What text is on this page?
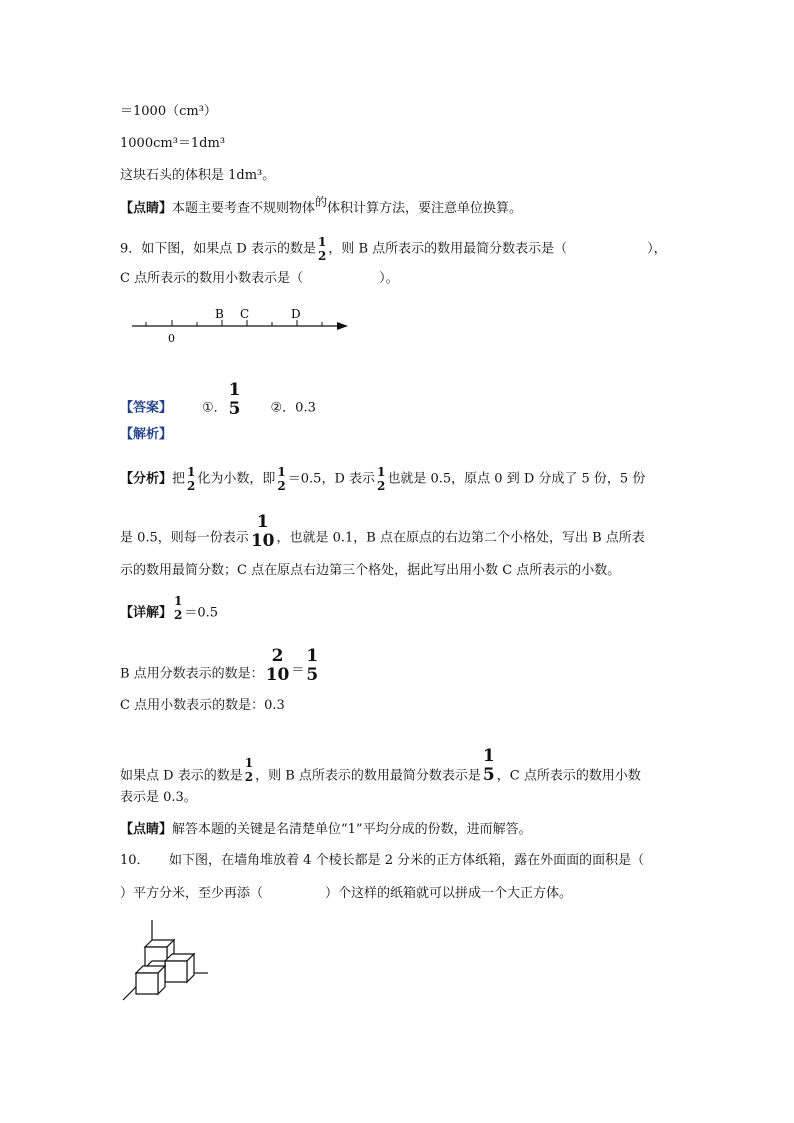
＝1000（cm³）
1000cm³＝1dm³
这块石头的体积是 1dm³。
【点睛】本题主要考查不规则物体的体积计算方法，要注意单位换算。
9．如下图，如果点 D 表示的数是 1
2 ，则 B 点所表示的数用最简分数表示是（	），
C 点所表示的数用小数表示是（	）。
B C	D
0
【答案】 ①．
1
5 ②．0.3
【解析】
【分析】把 1
2 化为小数，即 1
2 ＝0.5，D 表示 1
2 也就是 0.5，原点 0 到 D 分成了 5 份，5 份
是 0.5，则每一份表示
1
10 ，也就是 0.1，B 点在原点的右边第二个小格处，写出 B 点所表
示的数用最简分数；C 点在原点右边第三个格处，据此写出用小数 C 点所表示的小数。
【详解】
1
2 ＝0.5
B 点用分数表示的数是：
2
10 ＝
1
5
C 点用小数表示的数是：0.3
如果点 D 表示的数是
1
2 ，则 B 点所表示的数用最简分数表示是
1
5 ，C 点所表示的数用小数
表示是 0.3。
【点睛】解答本题的关键是名清楚单位“1”平均分成的份数，进而解答。
10．　　如下图，在墙角堆放着 4 个棱长都是 2 分米的正方体纸箱，露在外面面的面积是（
）平方分米，至少再添（	）个这样的纸箱就可以拼成一个大正方体。
